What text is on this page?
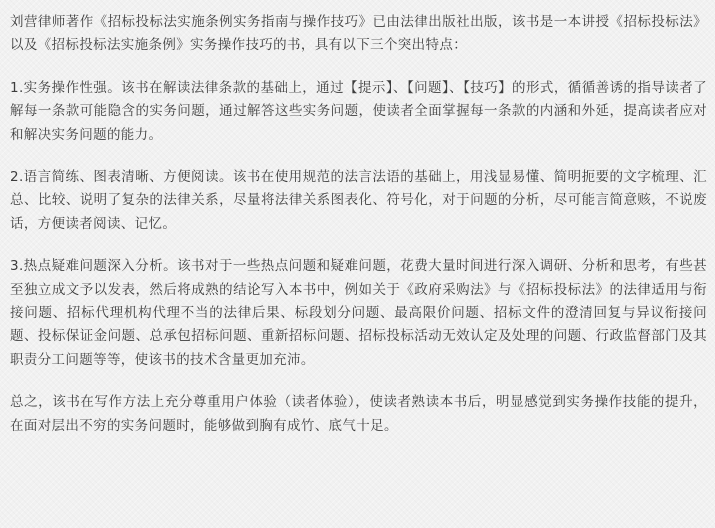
刘营律师著作《招标投标法实施条例实务指南与操作技巧》已由法律出版社出版，该书是一本讲授《招标投标法》以及《招标投标法实施条例》实务操作技巧的书，具有以下三个突出特点：

1.实务操作性强。该书在解读法律条款的基础上，通过【提示】、【问题】、【技巧】的形式，循循善诱的指导读者了解每一条款可能隐含的实务问题，通过解答这些实务问题，使读者全面掌握每一条款的内涵和外延，提高读者应对和解决实务问题的能力。

2.语言简练、图表清晰、方便阅读。该书在使用规范的法言法语的基础上，用浅显易懂、简明扼要的文字梳理、汇总、比较、说明了复杂的法律关系，尽量将法律关系图表化、符号化，对于问题的分析，尽可能言简意赅，不说废话，方便读者阅读、记忆。

3.热点疑难问题深入分析。该书对于一些热点问题和疑难问题，花费大量时间进行深入调研、分析和思考，有些甚至独立成文予以发表，然后将成熟的结论写入本书中，例如关于《政府采购法》与《招标投标法》的法律适用与衔接问题、招标代理机构代理不当的法律后果、标段划分问题、最高限价问题、招标文件的澄清回复与异议衔接问题、投标保证金问题、总承包招标问题、重新招标问题、招标投标活动无效认定及处理的问题、行政监督部门及其职责分工问题等等，使该书的技术含量更加充沛。

总之，该书在写作方法上充分尊重用户体验（读者体验），使读者熟读本书后，明显感觉到实务操作技能的提升，在面对层出不穷的实务问题时，能够做到胸有成竹、底气十足。
